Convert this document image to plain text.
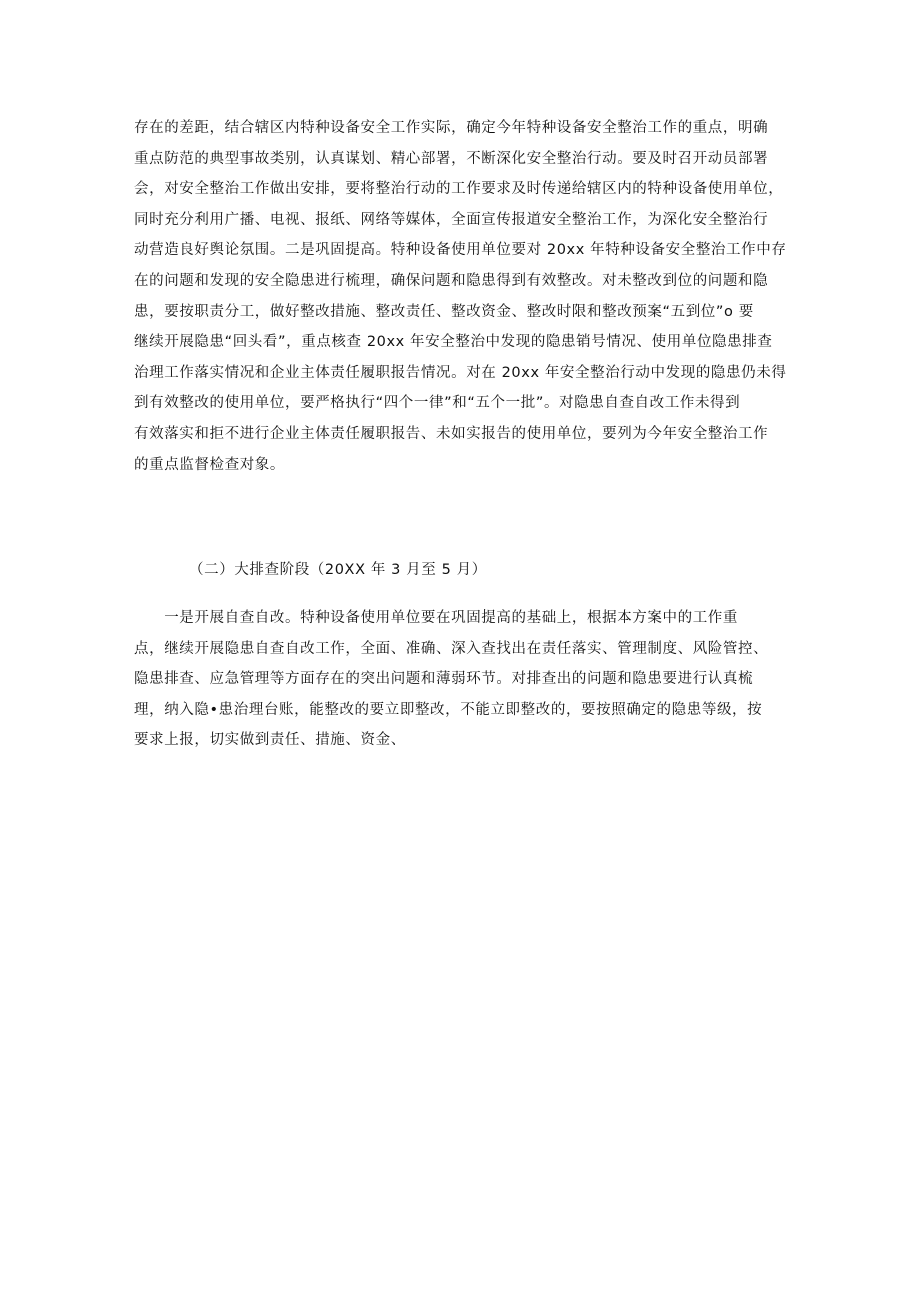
存在的差距，结合辖区内特种设备安全工作实际，确定今年特种设备安全整治工作的重点，明确
重点防范的典型事故类别，认真谋划、精心部署，不断深化安全整治行动。要及时召开动员部署
会，对安全整治工作做出安排，要将整治行动的工作要求及时传递给辖区内的特种设备使用单位，
同时充分利用广播、电视、报纸、网络等媒体，全面宣传报道安全整治工作，为深化安全整治行
动营造良好舆论氛围。二是巩固提高。特种设备使用单位要对 20xx 年特种设备安全整治工作中存
在的问题和发现的安全隐患进行梳理，确保问题和隐患得到有效整改。对未整改到位的问题和隐
患，要按职责分工，做好整改措施、整改责任、整改资金、整改时限和整改预案“五到位”o 要
继续开展隐患“回头看”，重点核查 20xx 年安全整治中发现的隐患销号情况、使用单位隐患排查
治理工作落实情况和企业主体责任履职报告情况。对在 20xx 年安全整治行动中发现的隐患仍未得
到有效整改的使用单位，要严格执行“四个一律”和“五个一批”。对隐患自查自改工作未得到
有效落实和拒不进行企业主体责任履职报告、未如实报告的使用单位，要列为今年安全整治工作
的重点监督检查对象。
（二）大排查阶段（20XX 年 3 月至 5 月）
　　一是开展自查自改。特种设备使用单位要在巩固提高的基础上，根据本方案中的工作重
点，继续开展隐患自查自改工作，全面、准确、深入查找出在责任落实、管理制度、风险管控、
隐患排查、应急管理等方面存在的突出问题和薄弱环节。对排查出的问题和隐患要进行认真梳
理，纳入隐•患治理台账，能整改的要立即整改，不能立即整改的，要按照确定的隐患等级，按
要求上报，切实做到责任、措施、资金、
